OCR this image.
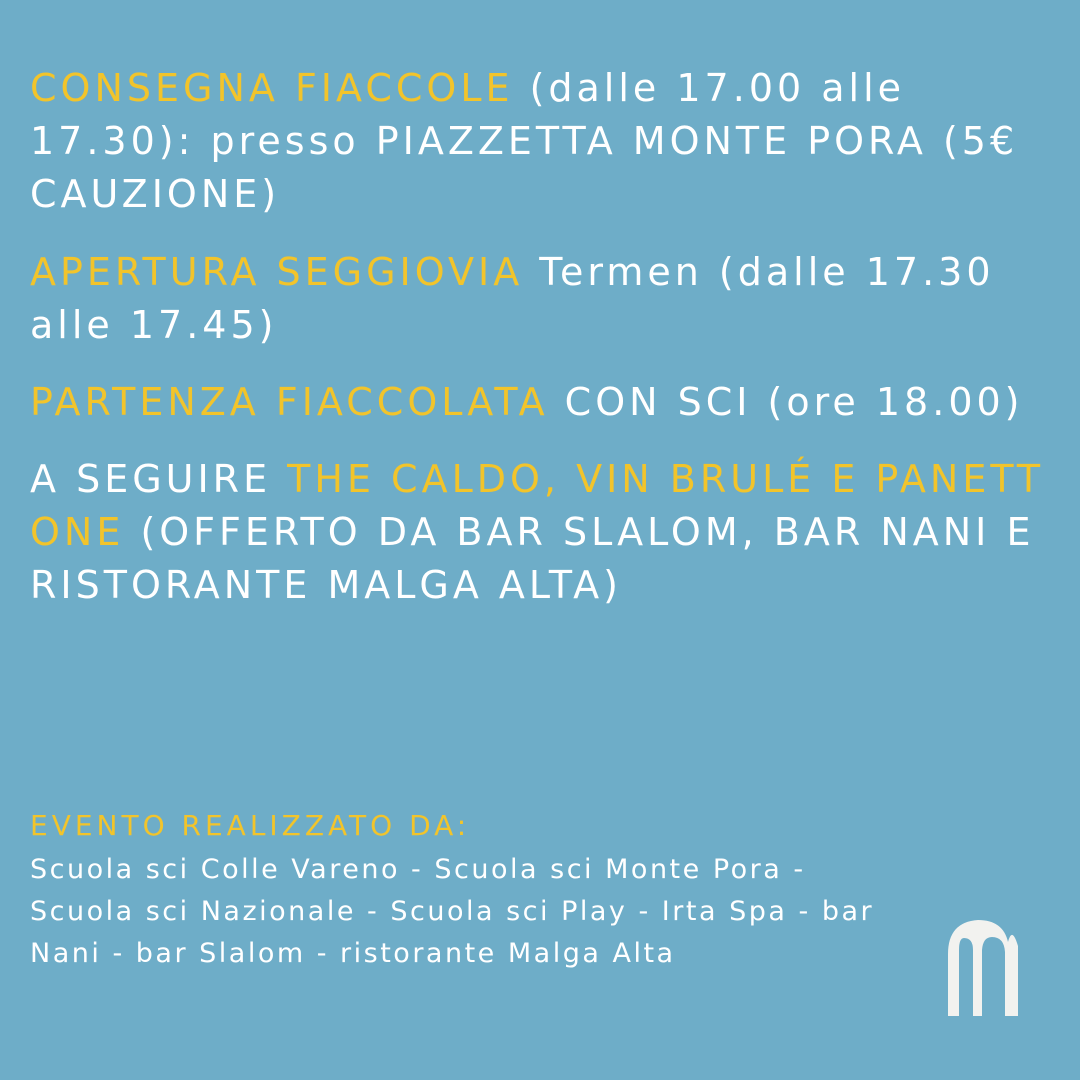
CONSEGNA FIACCOLE (dalle 17.00 alle 17.30): presso PIAZZETTA MONTE PORA (5€ CAUZIONE)

APERTURA SEGGIOVIA Termen (dalle 17.30 alle 17.45)

PARTENZA FIACCOLATA CON SCI (ore 18.00)

A SEGUIRE THE CALDO, VIN BRULÉ E PANETT ONE (OFFERTO DA BAR SLALOM, BAR NANI E RISTORANTE MALGA ALTA)

EVENTO REALIZZATO DA:

Scuola sci Colle Vareno - Scuola sci Monte Pora - Scuola sci Nazionale - Scuola sci Play - Irta Spa - bar Nani - bar Slalom - ristorante Malga Alta
